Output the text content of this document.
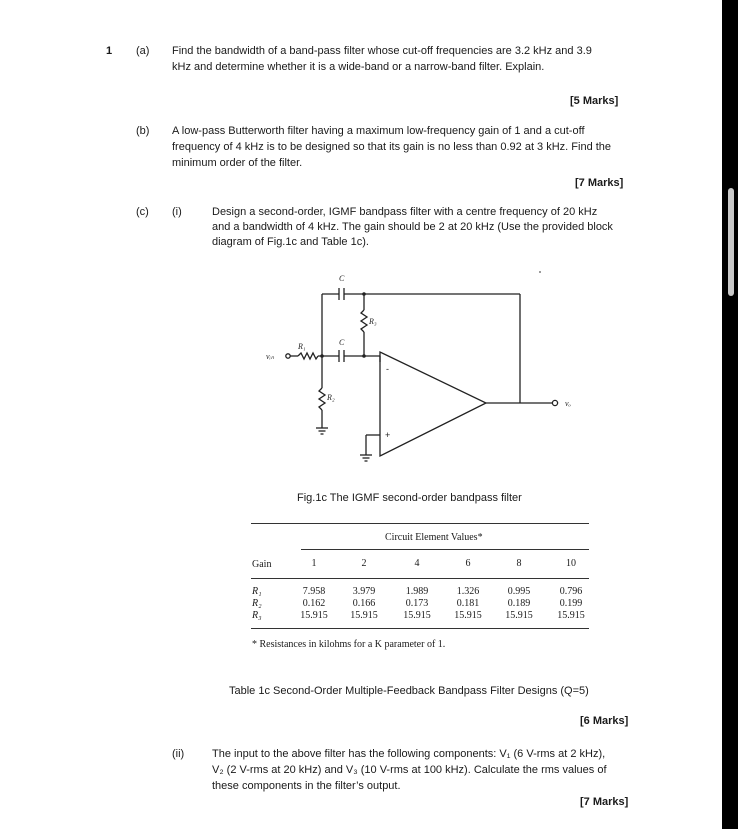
1 (a) Find the bandwidth of a band-pass filter whose cut-off frequencies are 3.2 kHz and 3.9
kHz and determine whether it is a wide-band or a narrow-band filter. Explain.
[5 Marks]
(b) A low-pass Butterworth filter having a maximum low-frequency gain of 1 and a cut-off
frequency of 4 kHz is to be designed so that its gain is no less than 0.92 at 3 kHz. Find the
minimum order of the filter.
[7 Marks]
(c) (i)	Design a second-order, IGMF bandpass filter with a centre frequency of 20 kHz
and a bandwidth of 4 kHz. The gain should be 2 at 20 kHz (Use the provided block
diagram of Fig.1c and Table 1c).
C
C
R₁
R₂
R₃
vᵢₙ
vₒ
-
+
Fig.1c The IGMF second-order bandpass filter
Circuit Element Values*
Gain	1	2	4	6	8	10
R₁	7.958	3.979	1.989	1.326	0.995	0.796
R₂	0.162	0.166	0.173	0.181	0.189	0.199
R₃	15.915	15.915	15.915	15.915	15.915	15.915
* Resistances in kilohms for a K parameter of 1.
Table 1c Second-Order Multiple-Feedback Bandpass Filter Designs (Q=5)
[6 Marks]
(ii)	The input to the above filter has the following components: V₁ (6 V-rms at 2 kHz),
V₂ (2 V-rms at 20 kHz) and V₃ (10 V-rms at 100 kHz). Calculate the rms values of
these components in the filter’s output.
[7 Marks]
